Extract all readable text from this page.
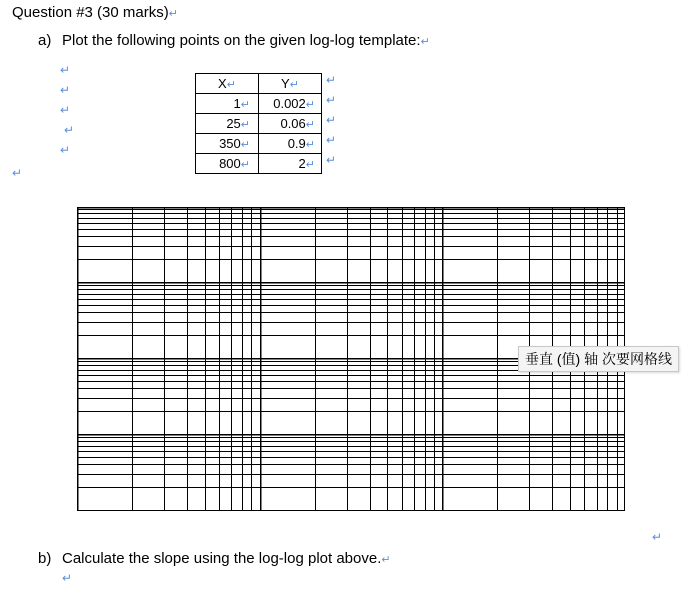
Question #3 (30 marks)↵
a) Plot the following points on the given log-log template:↵
↵
↵
↵
↵
↵
↵
↵
↵
↵
↵
↵
X↵	Y↵
1↵	0.002↵
25↵	0.06↵
350↵	0.9↵
800↵	2↵
垂直 (值) 轴 次要网格线
↵
b) Calculate the slope using the log-log plot above.↵
↵
